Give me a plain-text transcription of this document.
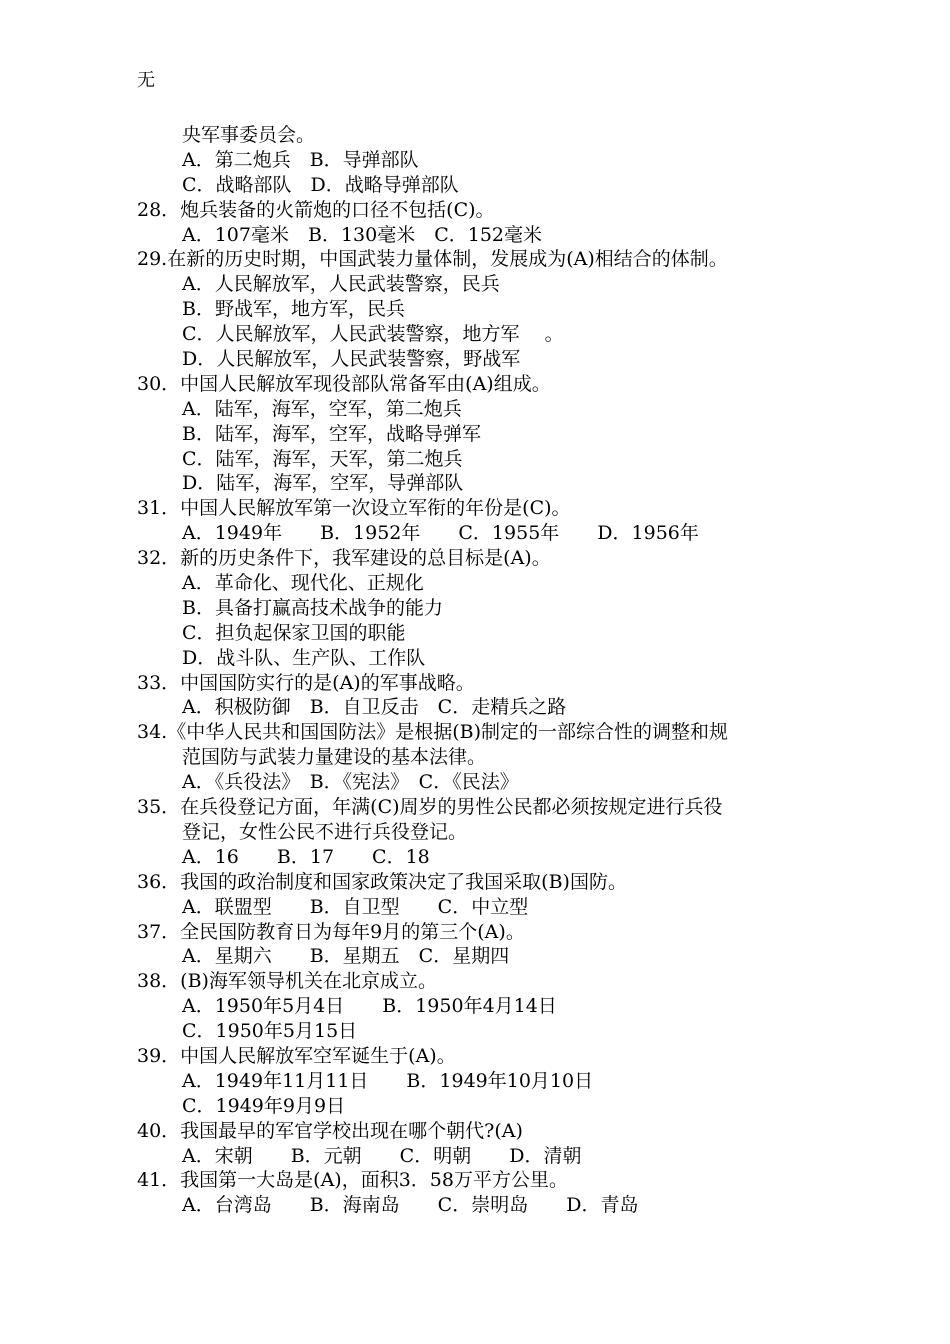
无
央军事委员会。
A．第二炮兵　B．导弹部队
C．战略部队　D．战略导弹部队
28．炮兵装备的火箭炮的口径不包括(C)。
A．107毫米　B．130毫米　C．152毫米
29.在新的历史时期，中国武装力量体制，发展成为(A)相结合的体制。
A．人民解放军，人民武装警察，民兵
B．野战军，地方军，民兵
C．人民解放军，人民武装警察，地方军　 。
D．人民解放军，人民武装警察，野战军
30．中国人民解放军现役部队常备军由(A)组成。
A．陆军，海军，空军，第二炮兵
B．陆军，海军，空军，战略导弹军
C．陆军，海军，天军，第二炮兵
D．陆军，海军，空军，导弹部队
31．中国人民解放军第一次设立军衔的年份是(C)。
A．1949年　　B．1952年　　C．1955年　　D．1956年
32．新的历史条件下，我军建设的总目标是(A)。
A．革命化、现代化、正规化
B．具备打赢高技术战争的能力
C．担负起保家卫国的职能
D．战斗队、生产队、工作队
33．中国国防实行的是(A)的军事战略。
A．积极防御　B．自卫反击　C．走精兵之路
34.《中华人民共和国国防法》是根据(B)制定的一部综合性的调整和规
范国防与武装力量建设的基本法律。
A．《兵役法》　B．《宪法》　C．《民法》
35．在兵役登记方面，年满(C)周岁的男性公民都必须按规定进行兵役
登记，女性公民不进行兵役登记。
A．16　　B．17　　C．18
36．我国的政治制度和国家政策决定了我国采取(B)国防。
A．联盟型　　B．自卫型　　C．中立型
37．全民国防教育日为每年9月的第三个(A)。
A．星期六　　B．星期五　C．星期四
38．(B)海军领导机关在北京成立。
A．1950年5月4日　　B．1950年4月14日
C．1950年5月15日
39．中国人民解放军空军诞生于(A)。
A．1949年11月11日　　B．1949年10月10日
C．1949年9月9日
40．我国最早的军官学校出现在哪个朝代?(A)
A．宋朝　　B．元朝　　C．明朝　　D．清朝
41．我国第一大岛是(A)，面积3．58万平方公里。
A．台湾岛　　B．海南岛　　C．崇明岛　　D．青岛
